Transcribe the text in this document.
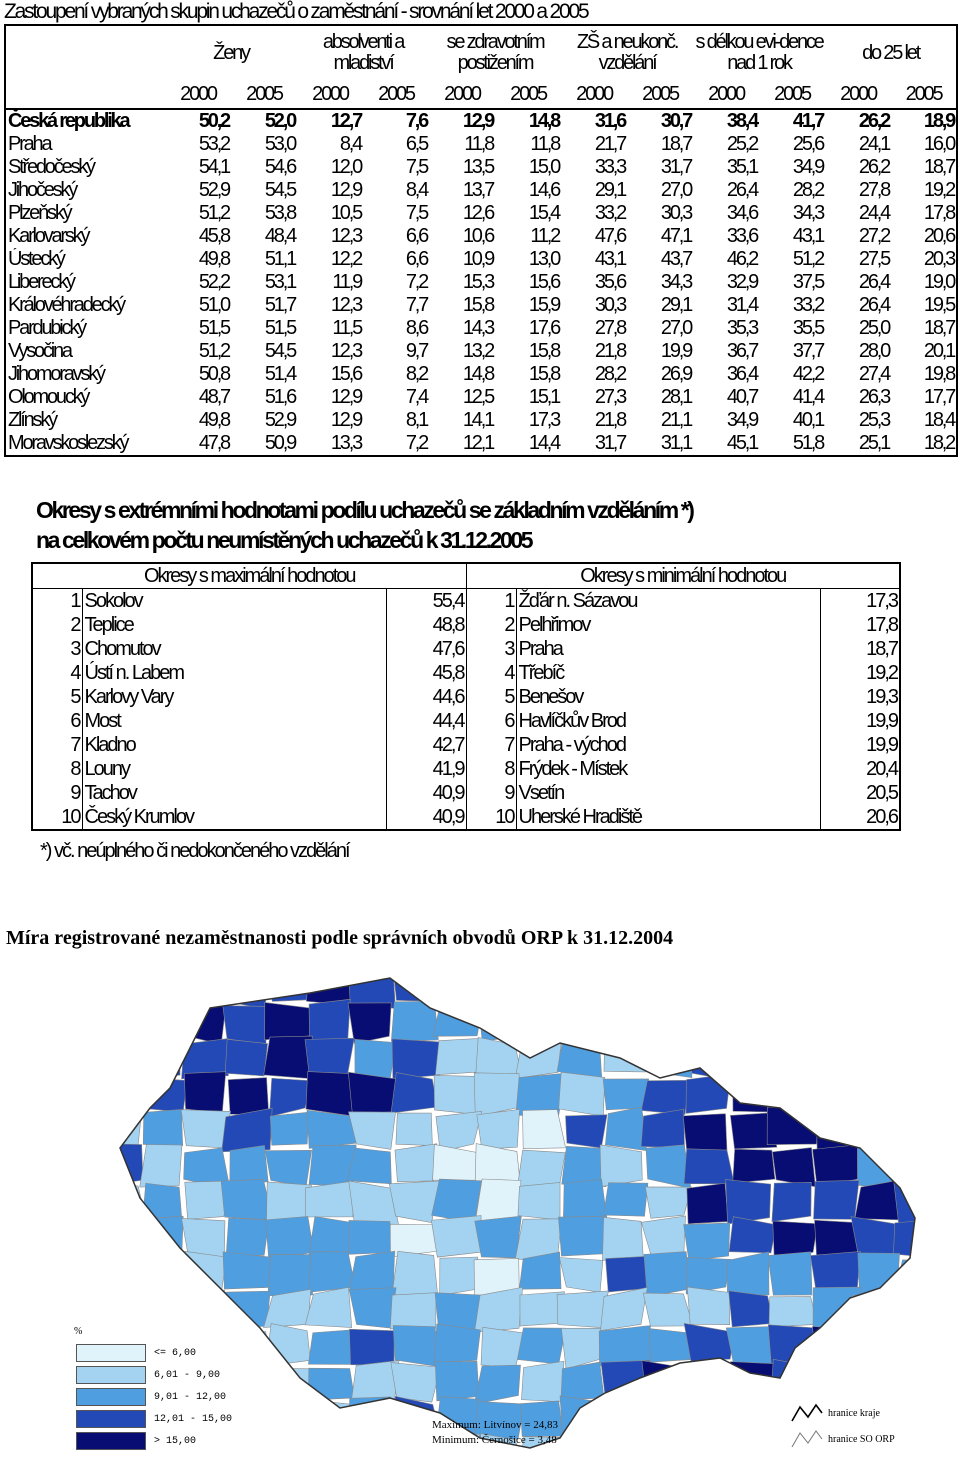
Zastoupení vybraných skupin uchazečů o zaměstnání - srovnání let 2000 a 2005
	Ženy		absolventi a mladiství		se zdravotním postižením		ZŠ a neukonč. vzdělání		s délkou evi-dence nad 1 rok		do 25 let	
	2000	2005	2000	2005	2000	2005	2000	2005	2000	2005	2000	2005
Česká republika	50,2	52,0	12,7	7,6	12,9	14,8	31,6	30,7	38,4	41,7	26,2	18,9
Praha	53,2	53,0	8,4	6,5	11,8	11,8	21,7	18,7	25,2	25,6	24,1	16,0
Středočeský	54,1	54,6	12,0	7,5	13,5	15,0	33,3	31,7	35,1	34,9	26,2	18,7
Jihočeský	52,9	54,5	12,9	8,4	13,7	14,6	29,1	27,0	26,4	28,2	27,8	19,2
Plzeňský	51,2	53,8	10,5	7,5	12,6	15,4	33,2	30,3	34,6	34,3	24,4	17,8
Karlovarský	45,8	48,4	12,3	6,6	10,6	11,2	47,6	47,1	33,6	43,1	27,2	20,6
Ústecký	49,8	51,1	12,2	6,6	10,9	13,0	43,1	43,7	46,2	51,2	27,5	20,3
Liberecký	52,2	53,1	11,9	7,2	15,3	15,6	35,6	34,3	32,9	37,5	26,4	19,0
Královéhradecký	51,0	51,7	12,3	7,7	15,8	15,9	30,3	29,1	31,4	33,2	26,4	19,5
Pardubický	51,5	51,5	11,5	8,6	14,3	17,6	27,8	27,0	35,3	35,5	25,0	18,7
Vysočina	51,2	54,5	12,3	9,7	13,2	15,8	21,8	19,9	36,7	37,7	28,0	20,1
Jihomoravský	50,8	51,4	15,6	8,2	14,8	15,8	28,2	26,9	36,4	42,2	27,4	19,8
Olomoucký	48,7	51,6	12,9	7,4	12,5	15,1	27,3	28,1	40,7	41,4	26,3	17,7
Zlínský	49,8	52,9	12,9	8,1	14,1	17,3	21,8	21,1	34,9	40,1	25,3	18,4
Moravskoslezský	47,8	50,9	13,3	7,2	12,1	14,4	31,7	31,1	45,1	51,8	25,1	18,2
Okresy s extrémními hodnotami podílu uchazečů se základním vzděláním *)
na celkovém počtu neumístěných uchazečů k 31.12.2005
Okresy s maximální hodnotou			Okresy s minimální hodnotou		
1	Sokolov	55,4	1	Žďár n. Sázavou	17,3
2	Teplice	48,8	2	Pelhřimov	17,8
3	Chomutov	47,6	3	Praha	18,7
4	Ústí n. Labem	45,8	4	Třebíč	19,2
5	Karlovy Vary	44,6	5	Benešov	19,3
6	Most	44,4	6	Havlíčkův Brod	19,9
7	Kladno	42,7	7	Praha - východ	19,9
8	Louny	41,9	8	Frýdek - Místek	20,4
9	Tachov	40,9	9	Vsetín	20,5
10	Český Krumlov	40,9	10	Uherské Hradiště	20,6
*) vč. neúplného či nedokončeného vzdělání
Míra registrované nezaměstnanosti podle správních obvodů ORP k 31.12.2004
%
<= 6,00
6,01 - 9,00
9,01 - 12,00
12,01 - 15,00
> 15,00
Maximum: Litvínov = 24,83
Minimum: Černošice = 3,48
hranice kraje
hranice SO ORP
